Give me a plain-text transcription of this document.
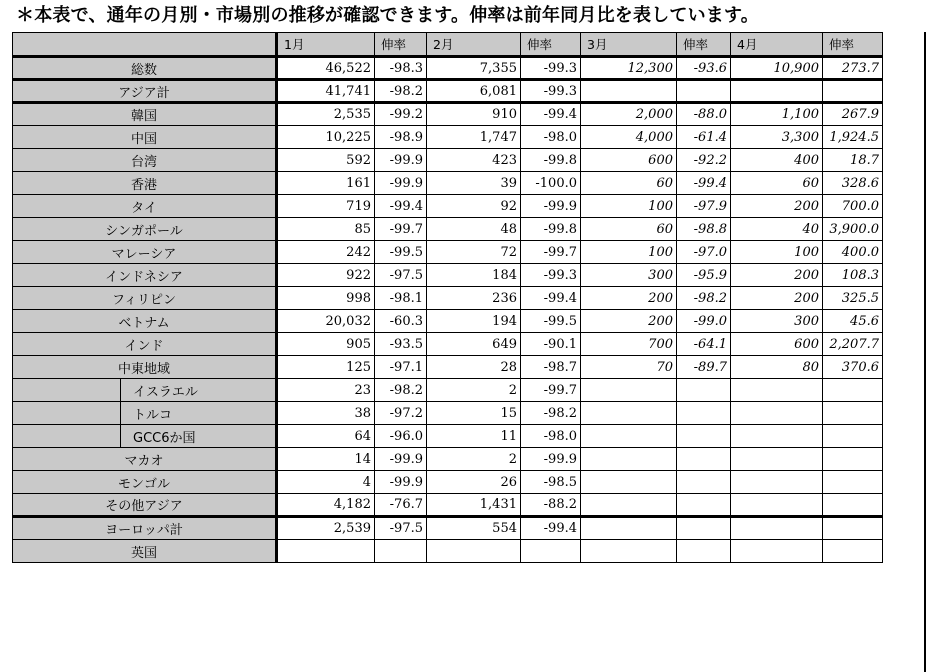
＊本表で、通年の月別・市場別の推移が確認できます。伸率は前年同月比を表しています。
		1月	伸率	2月	伸率	3月	伸率	4月	伸率
総数		46,522	-98.3	7,355	-99.3	12,300	-93.6	10,900	273.7
アジア計		41,741	-98.2	6,081	-99.3				
韓国		2,535	-99.2	910	-99.4	2,000	-88.0	1,100	267.9
中国		10,225	-98.9	1,747	-98.0	4,000	-61.4	3,300	1,924.5
台湾		592	-99.9	423	-99.8	600	-92.2	400	18.7
香港		161	-99.9	39	-100.0	60	-99.4	60	328.6
タイ		719	-99.4	92	-99.9	100	-97.9	200	700.0
シンガポール		85	-99.7	48	-99.8	60	-98.8	40	3,900.0
マレーシア		242	-99.5	72	-99.7	100	-97.0	100	400.0
インドネシア		922	-97.5	184	-99.3	300	-95.9	200	108.3
フィリピン		998	-98.1	236	-99.4	200	-98.2	200	325.5
ベトナム		20,032	-60.3	194	-99.5	200	-99.0	300	45.6
インド		905	-93.5	649	-90.1	700	-64.1	600	2,207.7
中東地域		125	-97.1	28	-98.7	70	-89.7	80	370.6
	イスラエル	23	-98.2	2	-99.7				
	トルコ	38	-97.2	15	-98.2				
	GCC6か国	64	-96.0	11	-98.0				
マカオ		14	-99.9	2	-99.9				
モンゴル		4	-99.9	26	-98.5				
その他アジア		4,182	-76.7	1,431	-88.2				
ヨーロッパ計		2,539	-97.5	554	-99.4				
英国									
